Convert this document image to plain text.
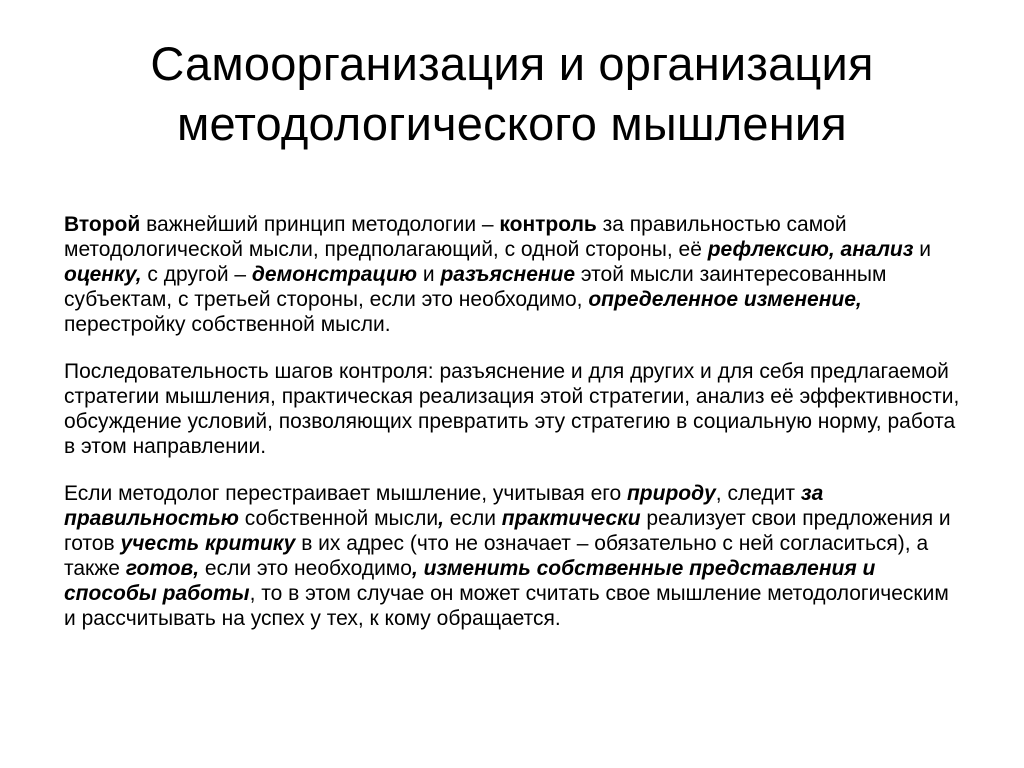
Самоорганизация и организация
методологического мышления

Второй важнейший принцип методологии – контроль за правильностью самой методологической мысли, предполагающий, с одной стороны, её рефлексию, анализ и оценку, с другой – демонстрацию и разъяснение этой мысли заинтересованным субъектам, с третьей стороны, если это необходимо, определенное изменение, перестройку собственной мысли.

Последовательность шагов контроля: разъяснение и для других и для себя предлагаемой стратегии мышления, практическая реализация этой стратегии, анализ её эффективности, обсуждение условий, позволяющих превратить эту стратегию в социальную норму, работа в этом направлении.

Если методолог перестраивает мышление, учитывая его природу, следит за правильностью собственной мысли, если практически реализует свои предложения и готов учесть критику в их адрес (что не означает – обязательно с ней согласиться), а также готов, если это необходимо, изменить собственные представления и способы работы, то в этом случае он может считать свое мышление методологическим и рассчитывать на успех у тех, к кому обращается.
